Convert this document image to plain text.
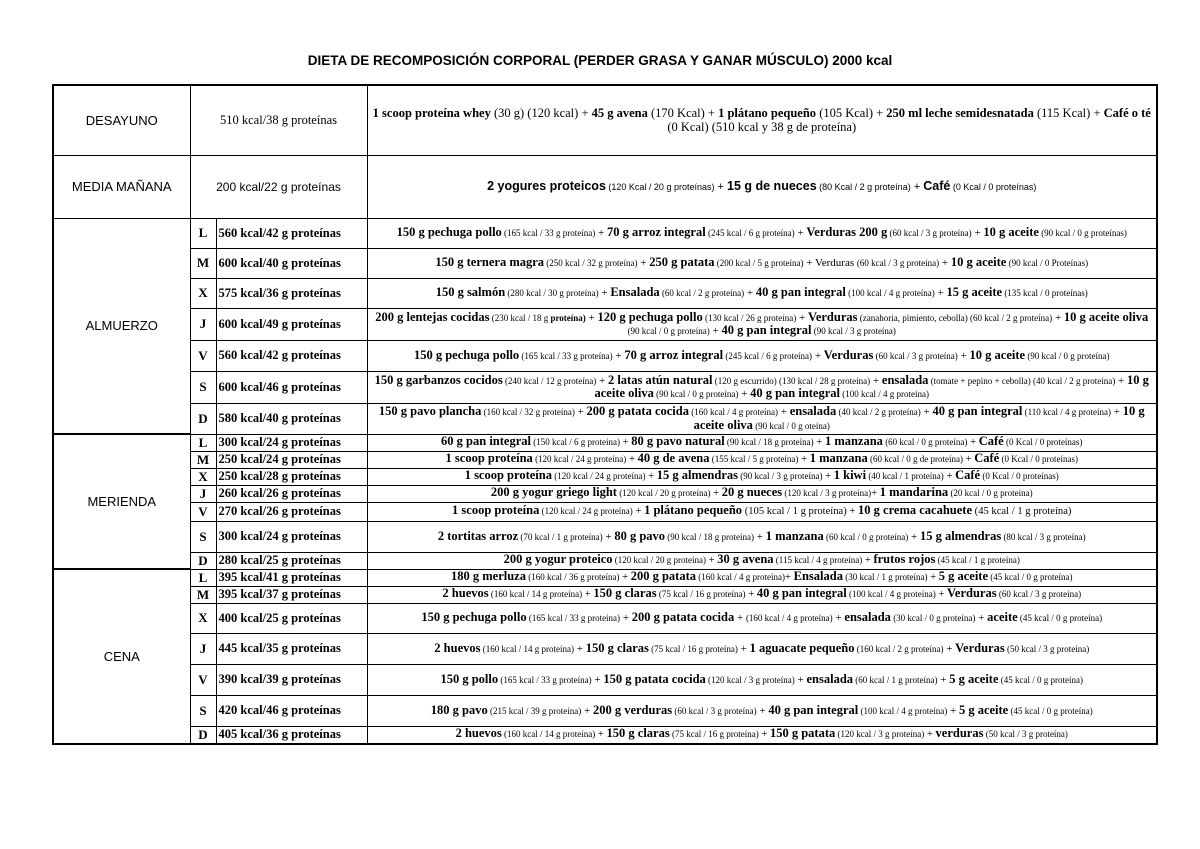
DIETA DE RECOMPOSICIÓN CORPORAL (PERDER GRASA Y GANAR MÚSCULO) 2000 kcal
DESAYUNO	510 kcal/38 g proteínas		1 scoop proteína whey (30 g) (120 kcal) + 45 g avena (170 Kcal) + 1 plátano pequeño (105 Kcal) + 250 ml leche semidesnatada (115 Kcal) + Café o té (0 Kcal) (510 kcal y 38 g de proteína)
MEDIA MAÑANA	200 kcal/22 g proteínas		2 yogures proteicos (120 Kcal / 20 g proteínas) + 15 g de nueces (80 Kcal / 2 g proteína) + Café (0 Kcal / 0 proteínas)
ALMUERZO	L	560 kcal/42 g proteínas	150 g pechuga pollo (165 kcal / 33 g proteína) + 70 g arroz integral (245 kcal / 6 g proteína) + Verduras 200 g (60 kcal / 3 g proteína) + 10 g aceite (90 kcal / 0 g proteínas)
	M	600 kcal/40 g proteínas	150 g ternera magra (250 kcal / 32 g proteína) + 250 g patata (200 kcal / 5 g proteína) + Verduras (60 kcal / 3 g proteína) + 10 g aceite (90 kcal / 0 Proteínas)
	X	575 kcal/36 g proteínas	150 g salmón (280 kcal / 30 g proteína) + Ensalada (60 kcal / 2 g proteína) + 40 g pan integral (100 kcal / 4 g proteína) + 15 g aceite (135 kcal / 0 proteínas)
	J	600 kcal/49 g proteínas	200 g lentejas cocidas (230 kcal / 18 g proteína) + 120 g pechuga pollo (130 kcal / 26 g proteína) + Verduras (zanahoria, pimiento, cebolla) (60 kcal / 2 g proteína) + 10 g aceite oliva (90 kcal / 0 g proteína) + 40 g pan integral (90 kcal / 3 g proteína)
	V	560 kcal/42 g proteínas	150 g pechuga pollo (165 kcal / 33 g proteína) + 70 g arroz integral (245 kcal / 6 g proteína) + Verduras (60 kcal / 3 g proteína) + 10 g aceite (90 kcal / 0 g proteína)
	S	600 kcal/46 g proteínas	150 g garbanzos cocidos (240 kcal / 12 g proteína) + 2 latas atún natural (120 g escurrido) (130 kcal / 28 g proteína) + ensalada (tomate + pepino + cebolla) (40 kcal / 2 g proteína) + 10 g aceite oliva (90 kcal / 0 g proteína) + 40 g pan integral (100 kcal / 4 g proteína)
	D	580 kcal/40 g proteínas	150 g pavo plancha (160 kcal / 32 g proteína) + 200 g patata cocida (160 kcal / 4 g proteína) + ensalada (40 kcal / 2 g proteína) + 40 g pan integral (110 kcal / 4 g proteína) + 10 g aceite oliva (90 kcal / 0 g oteína)
MERIENDA	L	300 kcal/24 g proteínas	60 g pan integral (150 kcal / 6 g proteína) + 80 g pavo natural (90 kcal / 18 g proteína) + 1 manzana (60 kcal / 0 g proteína) + Café (0 Kcal / 0 proteínas)
	M	250 kcal/24 g proteínas	1 scoop proteína (120 kcal / 24 g proteína) + 40 g de avena (155 kcal / 5 g proteína) + 1 manzana (60 kcal / 0 g de proteína) + Café (0 Kcal / 0 proteínas)
	X	250 kcal/28 g proteínas	1 scoop proteína (120 kcal / 24 g proteína) + 15 g almendras (90 kcal / 3 g proteína) + 1 kiwi (40 kcal / 1 proteína) + Café (0 Kcal / 0 proteínas)
	J	260 kcal/26 g proteínas	200 g yogur griego light (120 kcal / 20 g proteína) + 20 g nueces (120 kcal / 3 g proteína)+ 1 mandarina (20 kcal / 0 g proteína)
	V	270 kcal/26 g proteínas	1 scoop proteína (120 kcal / 24 g proteína) + 1 plátano pequeño (105 kcal / 1 g proteína) + 10 g crema cacahuete (45 kcal / 1 g proteína)
	S	300 kcal/24 g proteínas	2 tortitas arroz (70 kcal / 1 g proteína) + 80 g pavo (90 kcal / 18 g proteína) + 1 manzana (60 kcal / 0 g proteína) + 15 g almendras (80 kcal / 3 g proteína)
	D	280 kcal/25 g proteínas	200 g yogur proteico (120 kcal / 20 g proteína) + 30 g avena (115 kcal / 4 g proteína) + frutos rojos (45 kcal / 1 g proteína)
CENA	L	395 kcal/41 g proteínas	180 g merluza (160 kcal / 36 g proteína) + 200 g patata (160 kcal / 4 g proteína)+ Ensalada (30 kcal / 1 g proteína) + 5 g aceite (45 kcal / 0 g proteína)
	M	395 kcal/37 g proteínas	2 huevos (160 kcal / 14 g proteína) + 150 g claras (75 kcal / 16 g proteína) + 40 g pan integral (100 kcal / 4 g proteína) + Verduras (60 kcal / 3 g proteína)
	X	400 kcal/25 g proteínas	150 g pechuga pollo (165 kcal / 33 g proteína) + 200 g patata cocida + (160 kcal / 4 g proteína) + ensalada (30 kcal / 0 g proteína) + aceite (45 kcal / 0 g proteína)
	J	445 kcal/35 g proteínas	2 huevos (160 kcal / 14 g proteína) + 150 g claras (75 kcal / 16 g proteína) + 1 aguacate pequeño (160 kcal / 2 g proteína) + Verduras (50 kcal / 3 g proteína)
	V	390 kcal/39 g proteínas	150 g pollo (165 kcal / 33 g proteína) + 150 g patata cocida (120 kcal / 3 g proteína) + ensalada (60 kcal / 1 g proteína) + 5 g aceite (45 kcal / 0 g proteína)
	S	420 kcal/46 g proteínas	180 g pavo (215 kcal / 39 g proteína) + 200 g verduras (60 kcal / 3 g proteína) + 40 g pan integral (100 kcal / 4 g proteína) + 5 g aceite (45 kcal / 0 g proteína)
	D	405 kcal/36 g proteínas	2 huevos (160 kcal / 14 g proteína) + 150 g claras (75 kcal / 16 g proteína) + 150 g patata (120 kcal / 3 g proteína) + verduras (50 kcal / 3 g proteína)
